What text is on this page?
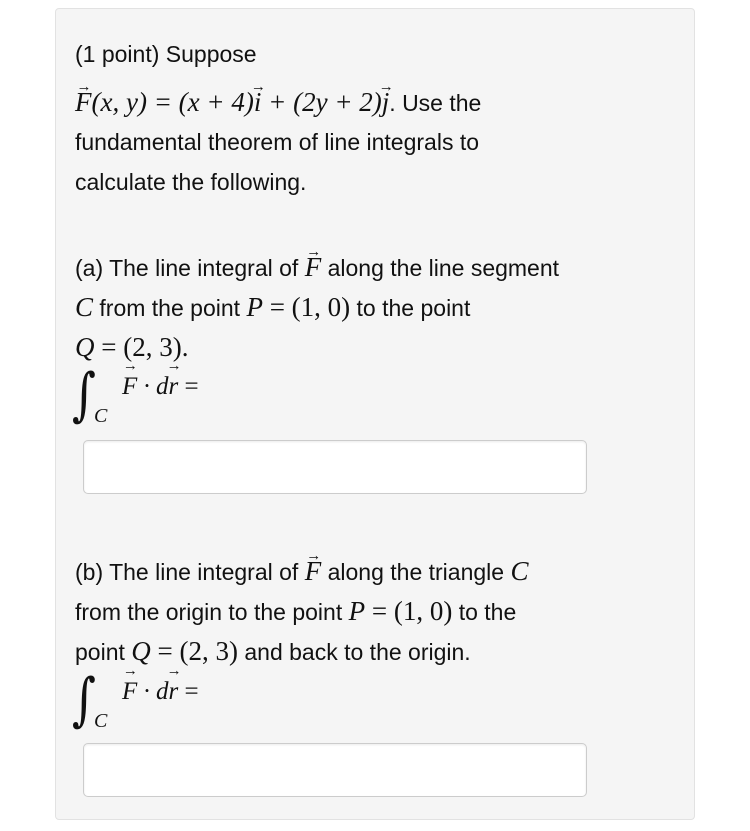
(1 point) Suppose
→ F(x, y) = (x + 4)→ i + (2y + 2)→ j. Use the
fundamental theorem of line integrals to
calculate the following.
(a) The line integral of → F along the line segment
C from the point P = (1, 0) to the point
Q = (2, 3).
∫
C
→ F · d→ r =
(b) The line integral of → F along the triangle C
from the origin to the point P = (1, 0) to the
point Q = (2, 3) and back to the origin.
∫
C
→ F · d→ r =
